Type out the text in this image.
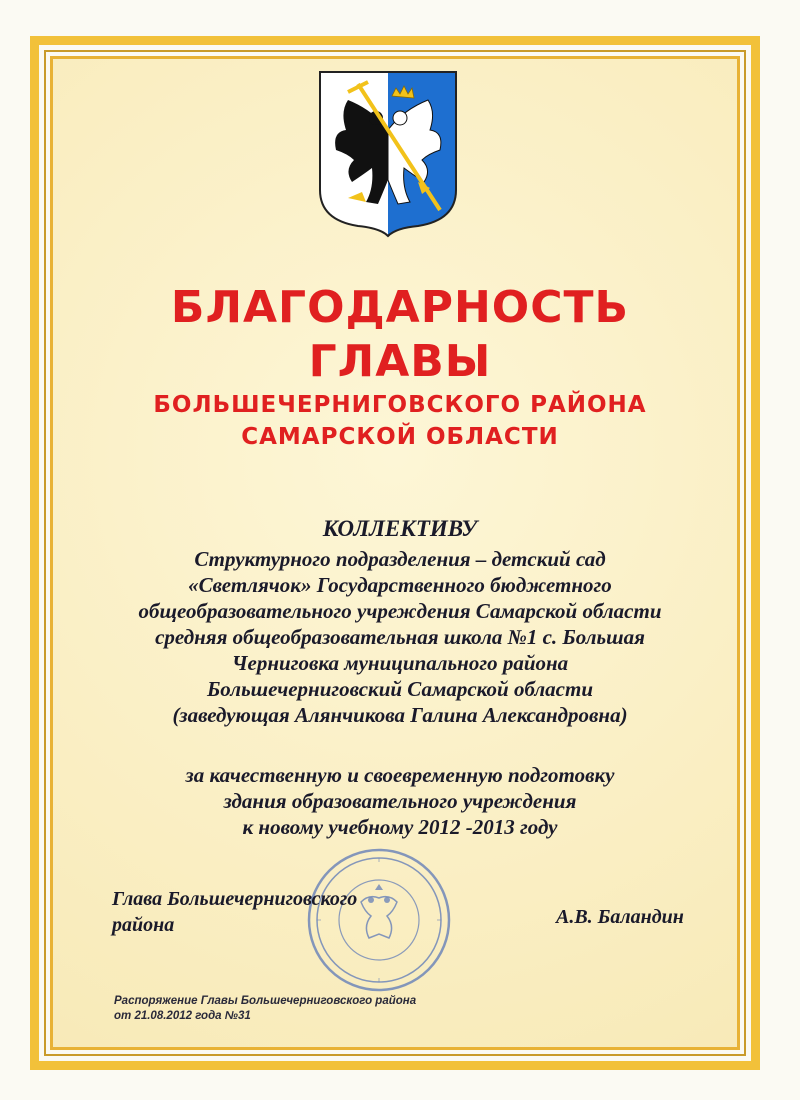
БЛАГОДАРНОСТЬ
ГЛАВЫ
БОЛЬШЕЧЕРНИГОВСКОГО РАЙОНА
САМАРСКОЙ ОБЛАСТИ
КОЛЛЕКТИВУ
Структурного подразделения – детский сад
«Светлячок» Государственного бюджетного
общеобразовательного учреждения Самарской области
средняя общеобразовательная школа №1 с. Большая
Черниговка муниципального района
Большечерниговский Самарской области
(заведующая Алянчикова Галина Александровна)
за качественную и своевременную подготовку
здания образовательного учреждения
к новому учебному 2012 -2013 году
Глава Большечерниговского
района	А.В. Баландин
Распоряжение Главы Большечерниговского района
от 21.08.2012 года №31
